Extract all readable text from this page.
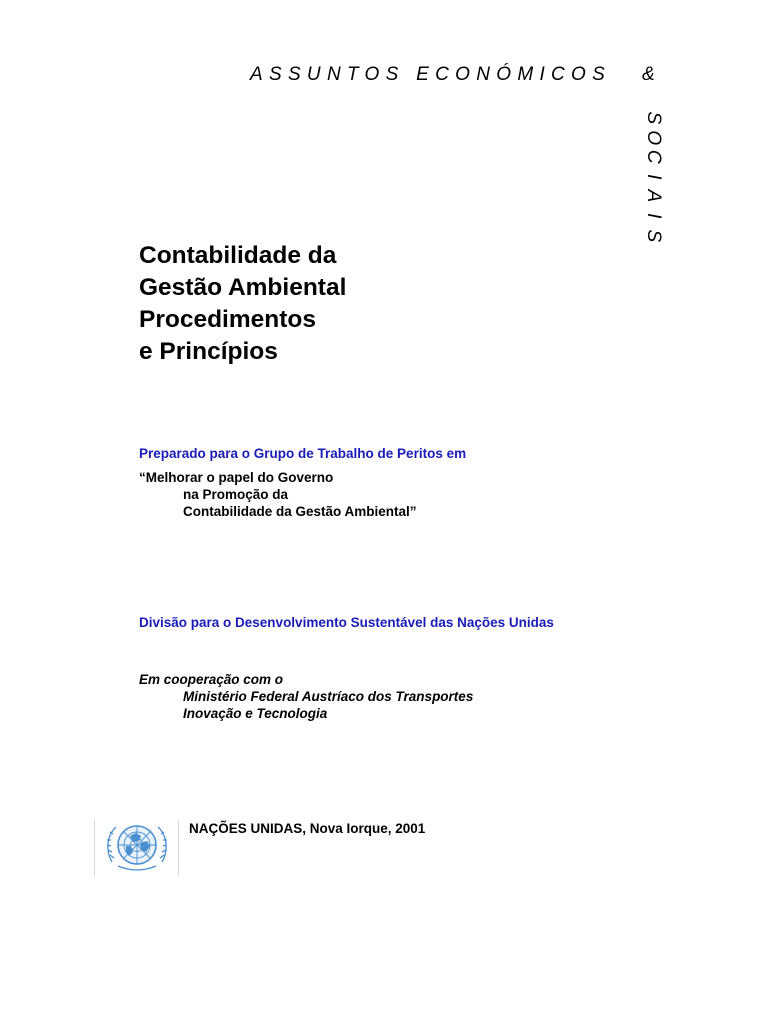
ASSUNTOS ECONÓMICOS &
S
O
C
I
A
I
S
Contabilidade da
Gestão Ambiental
Procedimentos
e Princípios
Preparado para o Grupo de Trabalho de Peritos em
“Melhorar o papel do Governo
na Promoção da
Contabilidade da Gestão Ambiental”
Divisão para o Desenvolvimento Sustentável das Nações Unidas
Em cooperação com o
Ministério Federal Austríaco dos Transportes
Inovação e Tecnologia
NAÇÕES UNIDAS, Nova Iorque, 2001
